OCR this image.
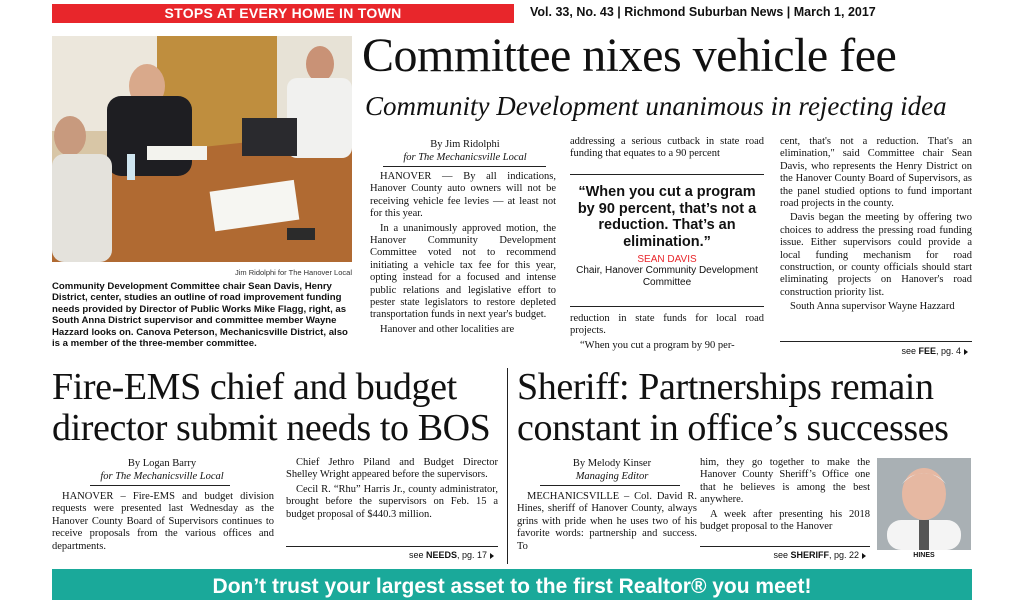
STOPS AT EVERY HOME IN TOWN	Vol. 33, No. 43 | Richmond Suburban News | March 1, 2017
Jim Ridolphi for The Hanover Local
Community Development Committee chair Sean Davis, Henry District, center, studies an outline of road improvement funding needs provided by Director of Public Works Mike Flagg, right, as South Anna District supervisor and committee member Wayne Hazzard looks on. Canova Peterson, Mechanicsville District, also is a member of the three-member committee.
Committee nixes vehicle fee
Community Development unanimous in rejecting idea
By Jim Ridolphi
for The Mechanicsville Local

HANOVER — By all indications, Hanover County auto owners will not be receiving vehicle fee levies — at least not for this year.

In a unanimously approved motion, the Hanover Community Development Committee voted not to recommend initiating a vehicle tax fee for this year, opting instead for a focused and intense public relations and legislative effort to pester state legislators to restore depleted transportation funds in next year's budget.

Hanover and other localities are

addressing a serious cutback in state road funding that equates to a 90 percent

“When you cut a program by 90 percent, that’s not a reduction. That’s an elimination.”
SEAN DAVIS
Chair, Hanover Community Development Committee

reduction in state funds for local road projects.

“When you cut a program by 90 per-

cent, that's not a reduction. That's an elimination," said Committee chair Sean Davis, who represents the Henry District on the Hanover County Board of Supervisors, as the panel studied options to fund important road projects in the county.

Davis began the meeting by offering two choices to address the pressing road funding issue. Either supervisors could provide a local funding mechanism for road construction, or county officials should start eliminating projects on Hanover's road construction priority list.

South Anna supervisor Wayne Hazzard

see FEE, pg. 4
Fire-EMS chief and budget director submit needs to BOS
By Logan Barry
for The Mechanicsville Local

HANOVER – Fire-EMS and budget division requests were presented last Wednesday as the Hanover County Board of Supervisors continues to receive proposals from the various offices and departments.

Chief Jethro Piland and Budget Director Shelley Wright appeared before the supervisors.

Cecil R. “Rhu” Harris Jr., county administrator, brought before the supervisors on Feb. 15 a budget proposal of $440.3 million.

see NEEDS, pg. 17
Sheriff: Partnerships remain constant in office’s successes
By Melody Kinser
Managing Editor

MECHANICSVILLE – Col. David R. Hines, sheriff of Hanover County, always grins with pride when he uses two of his favorite words: partnership and success. To

him, they go together to make the Hanover County Sheriff’s Office one that he believes is among the best anywhere.

A week after presenting his 2018 budget proposal to the Hanover

see SHERIFF, pg. 22	HINES
Don’t trust your largest asset to the first Realtor® you meet!
